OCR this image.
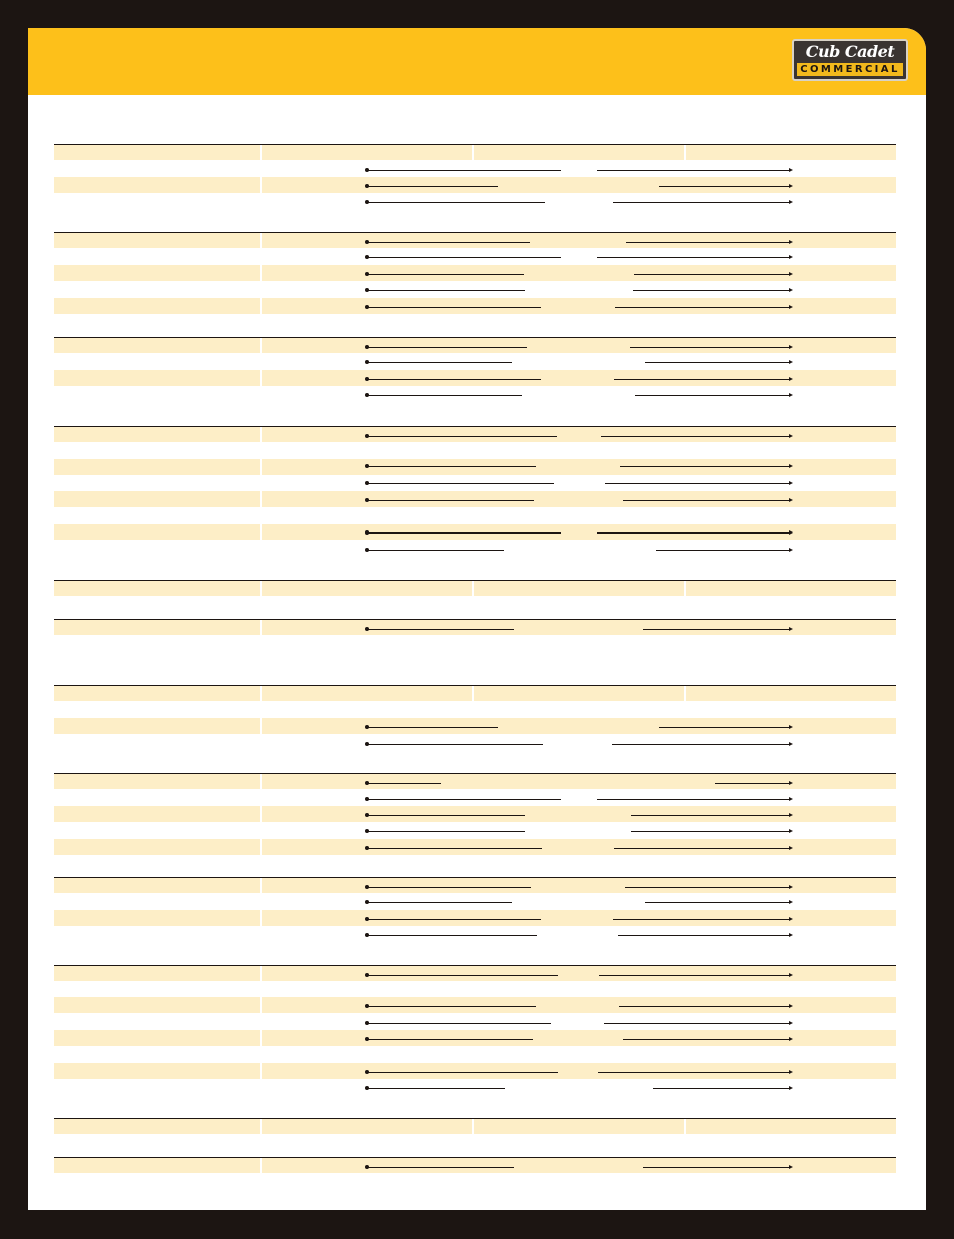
Cub Cadet
COMMERCIAL
